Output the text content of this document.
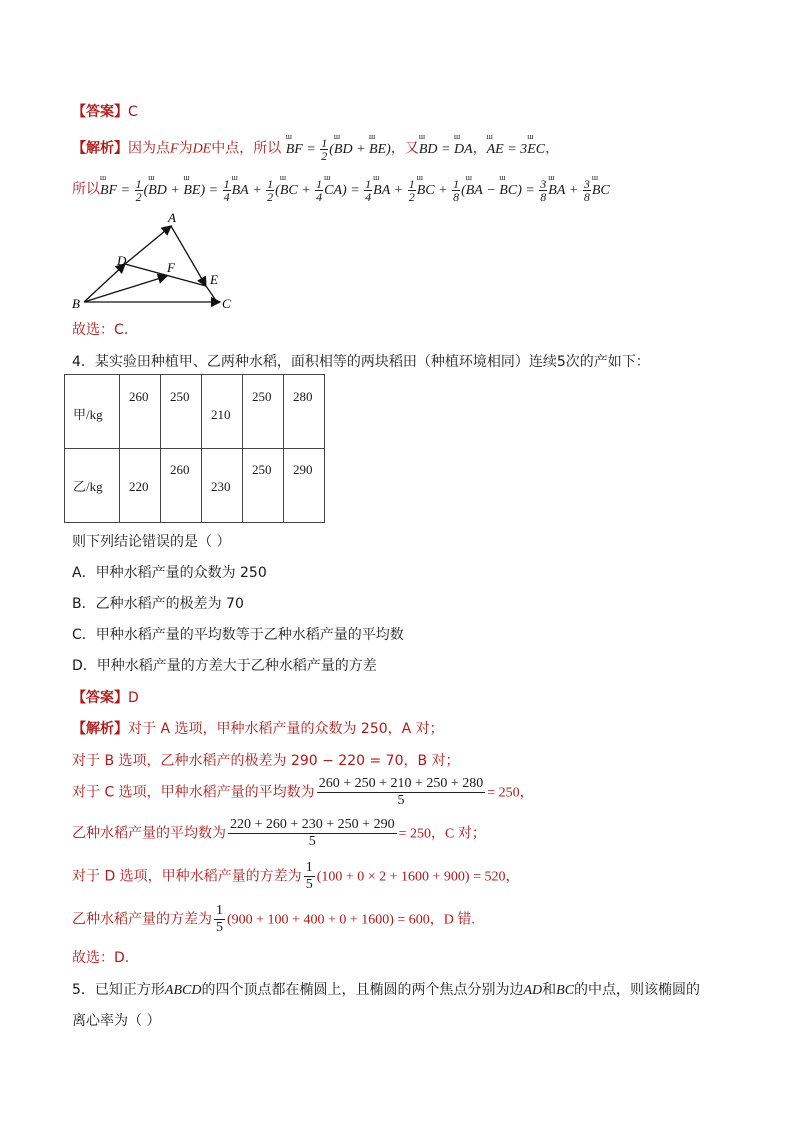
【答案】C
【解析】因为点F为DE中点，所以 ш BF = $\frac{1}{2} (ш$ BD + ш BE)，又ш BD = ш DA，ш AE = 3ш EC，
所以ш BF = $\frac{1}{2} (ш$ BD + ш $BE) = \frac{1}{4}$ ш BA + $\frac{1}{2} (ш$ BC + $\frac{1}{4}$ ш $CA) = \frac{1}{4}$ ш BA + $\frac{1}{2}$ ш BC + $\frac{1}{8} (ш$ BA − ш $BC) = \frac{3}{8}$ ш BA + $\frac{3}{8}$ ш BC
A
D	F
E
B	C
故选：C.
4．某实验田种植甲、乙两种水稻，面积相等的两块稻田（种植环境相同）连续5次的产如下：
甲/kg	260	250	210	250	280

乙/kg	220	260	230	250	290
则下列结论错误的是（ ）
A．甲种水稻产量的众数为 250
B．乙种水稻产的极差为 70
C．甲种水稻产量的平均数等于乙种水稻产量的平均数
D．甲种水稻产量的方差大于乙种水稻产量的方差
【答案】D
【解析】对于 A 选项，甲种水稻产量的众数为 250，A 对；
对于 B 选项，乙种水稻产的极差为 290 − 220 = 70，B 对；
对于 C 选项，甲种水稻产量的平均数为 $\frac{260 + 250 + 210 + 250 + 280}{5} = 250$，
乙种水稻产量的平均数为 $\frac{220 + 260 + 230 + 250 + 290}{5} = 250$，C 对；
对于 D 选项，甲种水稻产量的方差为 $\frac{1}{5} (100 + 0 \times 2 + 1600 + 900) = 520$，
乙种水稻产量的方差为 $\frac{1}{5} (900 + 100 + 400 + 0 + 1600) = 600$，D 错.
故选：D.
5．已知正方形ABCD的四个顶点都在椭圆上，且椭圆的两个焦点分别为边AD和BC的中点，则该椭圆的
离心率为（ ）
